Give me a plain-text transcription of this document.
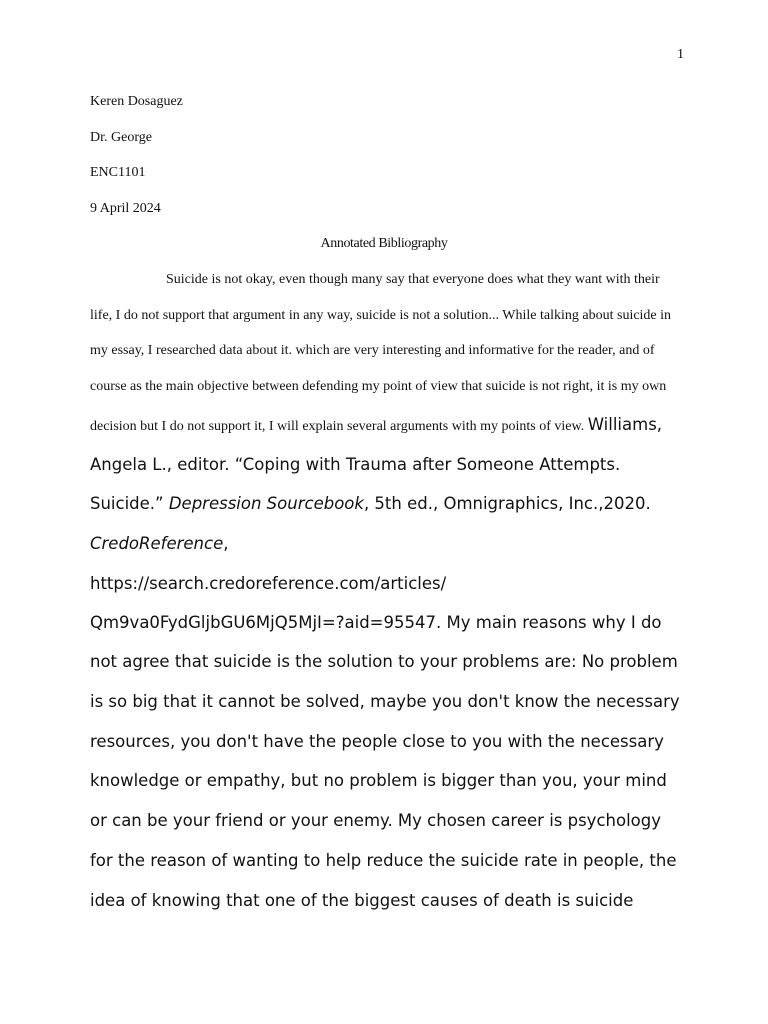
1
Keren Dosaguez
Dr. George
ENC1101
9 April 2024
Annotated Bibliography

Suicide is not okay, even though many say that everyone does what they want with their life, I do not support that argument in any way, suicide is not a solution... While talking about suicide in my essay, I researched data about it. which are very interesting and informative for the reader, and of course as the main objective between defending my point of view that suicide is not right, it is my own decision but I do not support it, I will explain several arguments with my points of view. Williams, Angela L., editor. “Coping with Trauma after Someone Attempts. Suicide.” Depression Sourcebook, 5th ed., Omnigraphics, Inc.,2020. CredoReference,
https://search.credoreference.com/articles/
Qm9va0FydGljbGU6MjQ5MjI=?aid=95547. My main reasons why I do not agree that suicide is the solution to your problems are: No problem is so big that it cannot be solved, maybe you don't know the necessary resources, you don't have the people close to you with the necessary knowledge or empathy, but no problem is bigger than you, your mind or can be your friend or your enemy. My chosen career is psychology for the reason of wanting to help reduce the suicide rate in people, the idea of knowing that one of the biggest causes of death is suicide
